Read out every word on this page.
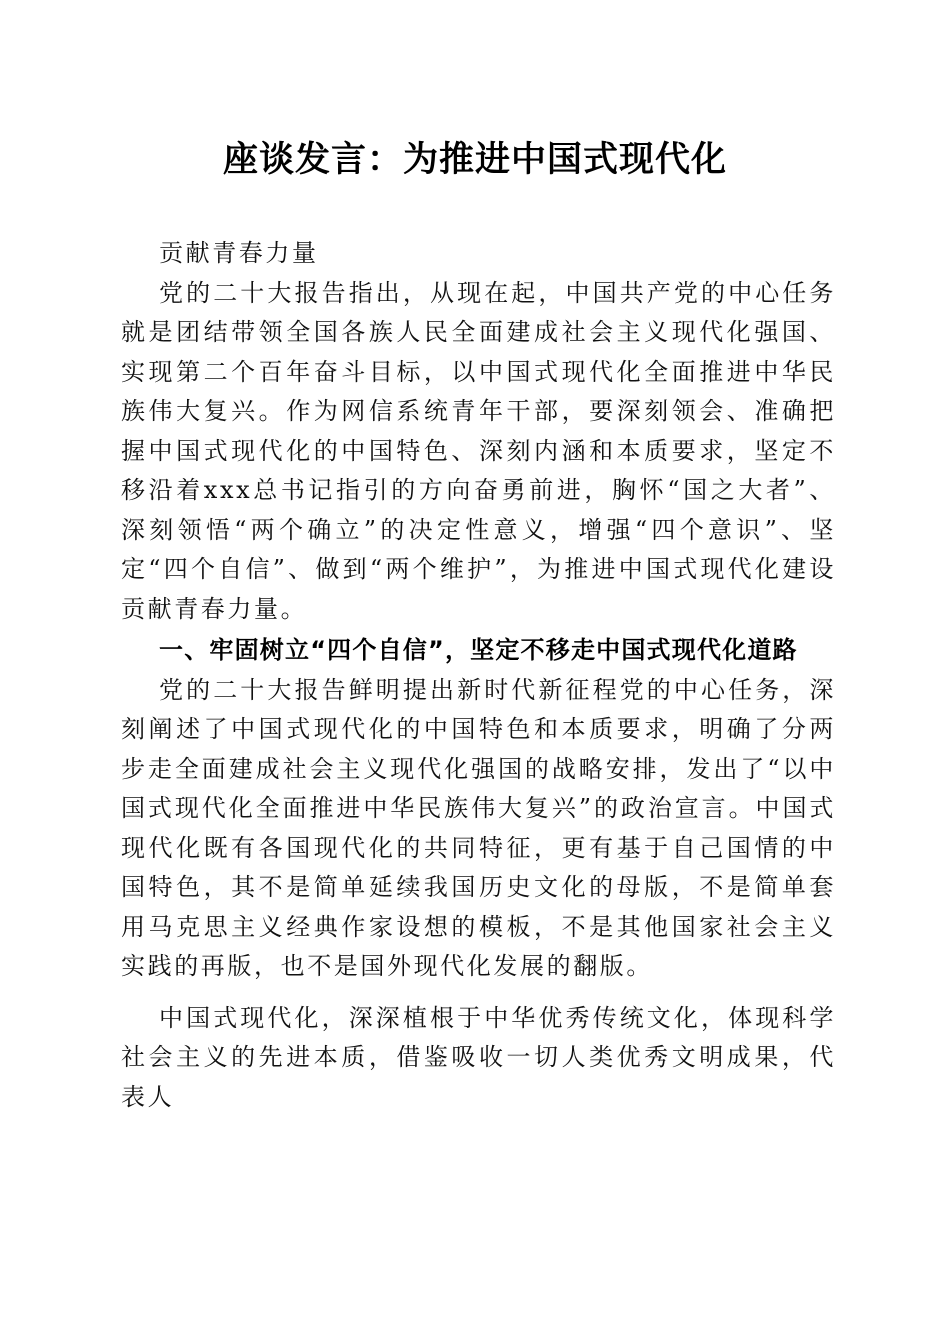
座谈发言：为推进中国式现代化

贡献青春力量

党的二十大报告指出，从现在起，中国共产党的中心任务就是团结带领全国各族人民全面建成社会主义现代化强国、实现第二个百年奋斗目标，以中国式现代化全面推进中华民族伟大复兴。作为网信系统青年干部，要深刻领会、准确把握中国式现代化的中国特色、深刻内涵和本质要求，坚定不移沿着xxx总书记指引的方向奋勇前进，胸怀“国之大者”、深刻领悟“两个确立”的决定性意义，增强“四个意识”、坚定“四个自信”、做到“两个维护”，为推进中国式现代化建设贡献青春力量。

一、牢固树立“四个自信”，坚定不移走中国式现代化道路

党的二十大报告鲜明提出新时代新征程党的中心任务，深刻阐述了中国式现代化的中国特色和本质要求，明确了分两步走全面建成社会主义现代化强国的战略安排，发出了“以中国式现代化全面推进中华民族伟大复兴”的政治宣言。中国式现代化既有各国现代化的共同特征，更有基于自己国情的中国特色，其不是简单延续我国历史文化的母版，不是简单套用马克思主义经典作家设想的模板，不是其他国家社会主义实践的再版，也不是国外现代化发展的翻版。

中国式现代化，深深植根于中华优秀传统文化，体现科学社会主义的先进本质，借鉴吸收一切人类优秀文明成果，代表人
